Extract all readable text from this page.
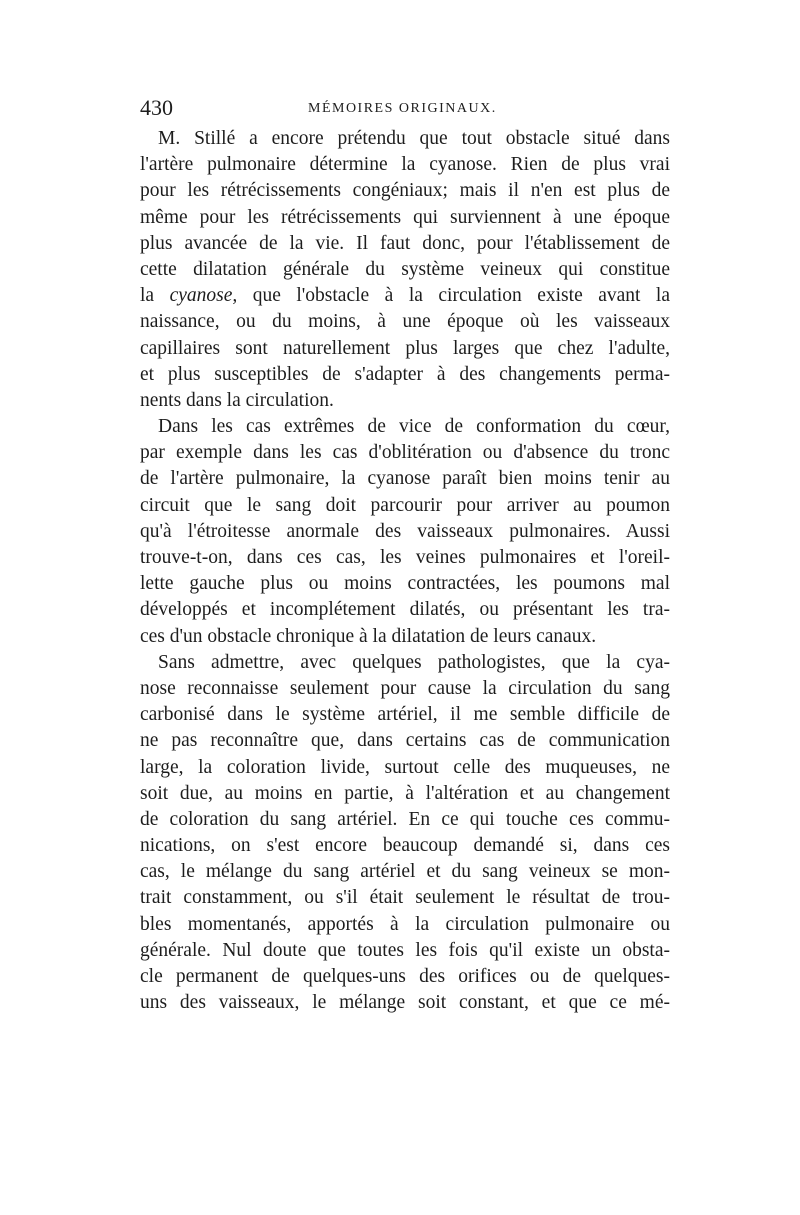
430	MÉMOIRES ORIGINAUX.
M. Stillé a encore prétendu que tout obstacle situé dans
l'artère pulmonaire détermine la cyanose. Rien de plus vrai
pour les rétrécissements congéniaux; mais il n'en est plus de
même pour les rétrécissements qui surviennent à une époque
plus avancée de la vie. Il faut donc, pour l'établissement de
cette dilatation générale du système veineux qui constitue
la cyanose, que l'obstacle à la circulation existe avant la
naissance, ou du moins, à une époque où les vaisseaux
capillaires sont naturellement plus larges que chez l'adulte,
et plus susceptibles de s'adapter à des changements perma-
nents dans la circulation.
Dans les cas extrêmes de vice de conformation du cœur,
par exemple dans les cas d'oblitération ou d'absence du tronc
de l'artère pulmonaire, la cyanose paraît bien moins tenir au
circuit que le sang doit parcourir pour arriver au poumon
qu'à l'étroitesse anormale des vaisseaux pulmonaires. Aussi
trouve-t-on, dans ces cas, les veines pulmonaires et l'oreil-
lette gauche plus ou moins contractées, les poumons mal
développés et incomplétement dilatés, ou présentant les tra-
ces d'un obstacle chronique à la dilatation de leurs canaux.
Sans admettre, avec quelques pathologistes, que la cya-
nose reconnaisse seulement pour cause la circulation du sang
carbonisé dans le système artériel, il me semble difficile de
ne pas reconnaître que, dans certains cas de communication
large, la coloration livide, surtout celle des muqueuses, ne
soit due, au moins en partie, à l'altération et au changement
de coloration du sang artériel. En ce qui touche ces commu-
nications, on s'est encore beaucoup demandé si, dans ces
cas, le mélange du sang artériel et du sang veineux se mon-
trait constamment, ou s'il était seulement le résultat de trou-
bles momentanés, apportés à la circulation pulmonaire ou
générale. Nul doute que toutes les fois qu'il existe un obsta-
cle permanent de quelques-uns des orifices ou de quelques-
uns des vaisseaux, le mélange soit constant, et que ce mé-
